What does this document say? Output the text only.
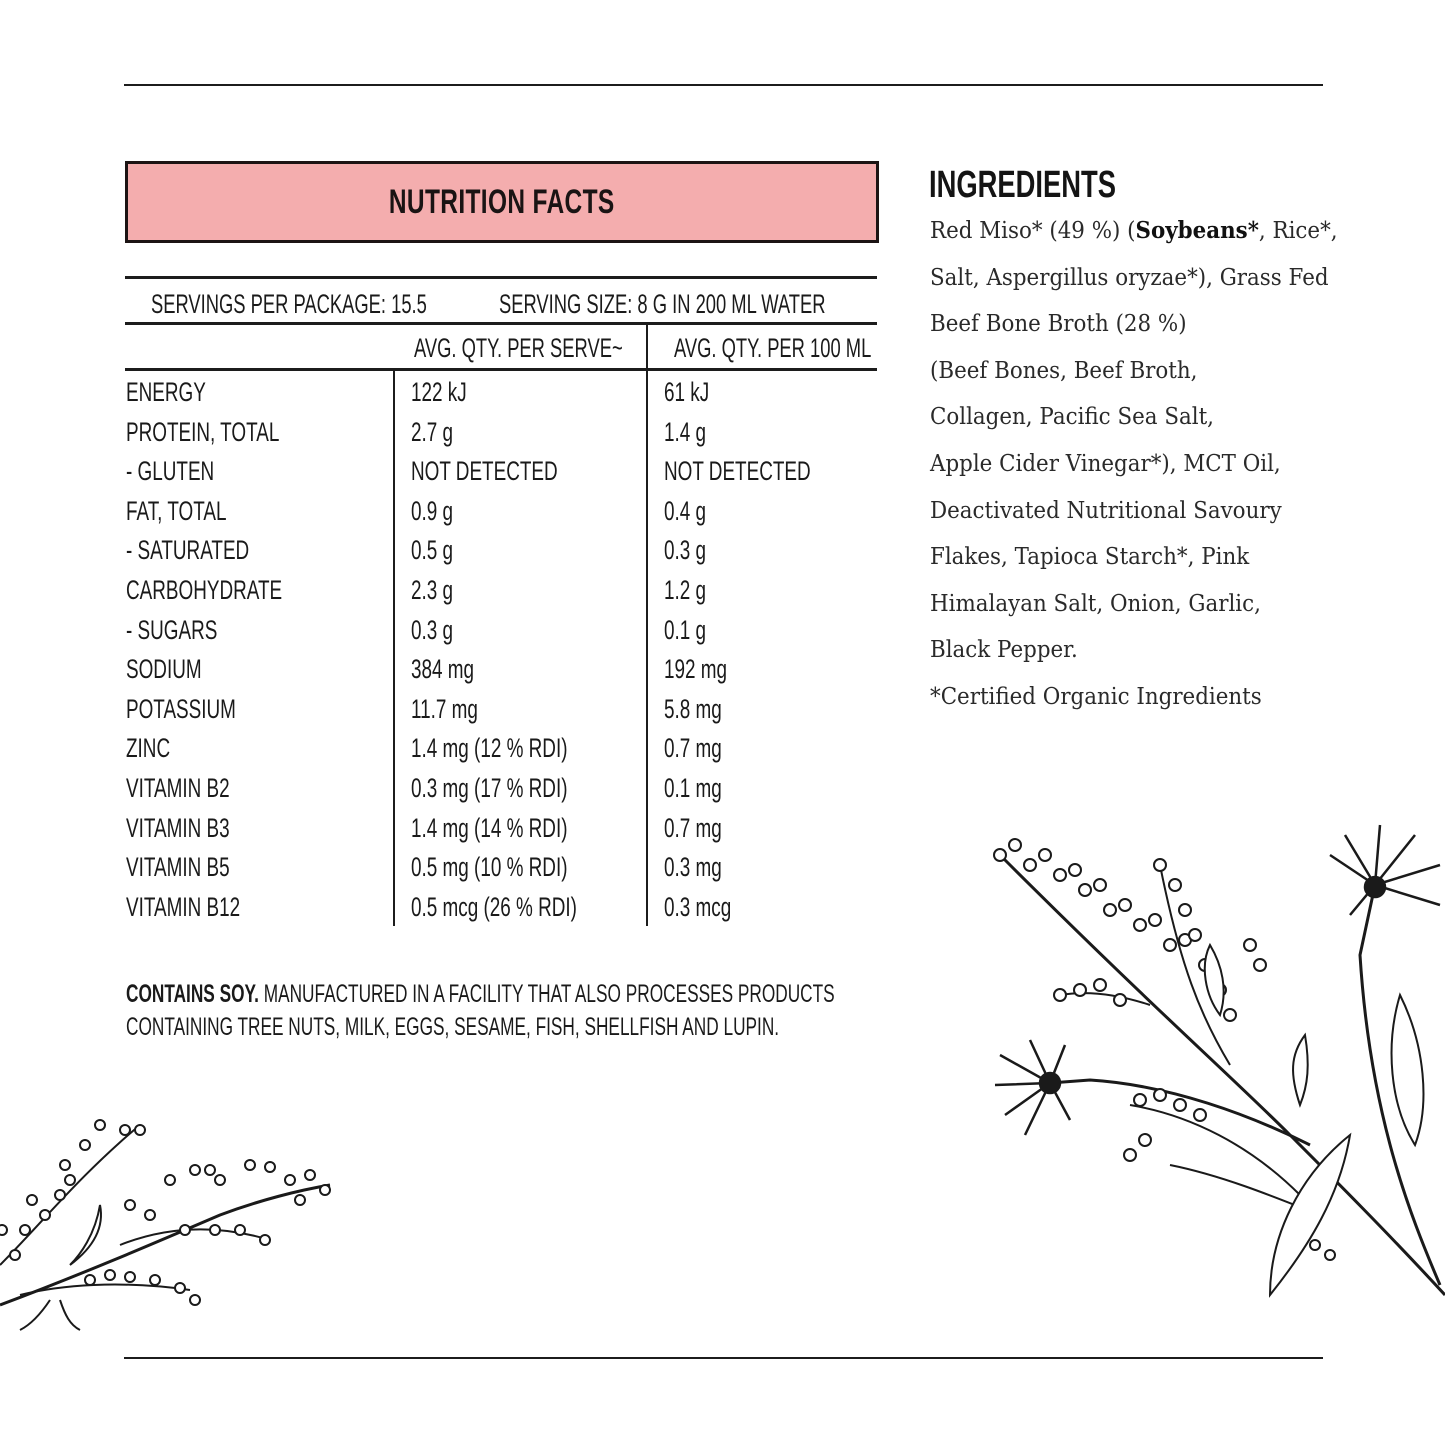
NUTRITION FACTS
SERVINGS PER PACKAGE: 15.5	SERVING SIZE: 8 G IN 200 ML WATER
AVG. QTY. PER SERVE~	AVG. QTY. PER 100 ML
ENERGY	122 kJ	61 kJ
PROTEIN, TOTAL	2.7 g	1.4 g
- GLUTEN	NOT DETECTED	NOT DETECTED
FAT, TOTAL	0.9 g	0.4 g
- SATURATED	0.5 g	0.3 g
CARBOHYDRATE	2.3 g	1.2 g
- SUGARS	0.3 g	0.1 g
SODIUM	384 mg	192 mg
POTASSIUM	11.7 mg	5.8 mg
ZINC	1.4 mg (12 % RDI)	0.7 mg
VITAMIN B2	0.3 mg (17 % RDI)	0.1 mg
VITAMIN B3	1.4 mg (14 % RDI)	0.7 mg
VITAMIN B5	0.5 mg (10 % RDI)	0.3 mg
VITAMIN B12	0.5 mcg (26 % RDI)	0.3 mcg
CONTAINS SOY. MANUFACTURED IN A FACILITY THAT ALSO PROCESSES PRODUCTS
CONTAINING TREE NUTS, MILK, EGGS, SESAME, FISH, SHELLFISH AND LUPIN.
INGREDIENTS
Red Miso* (49 %) (Soybeans*, Rice*,
Salt, Aspergillus oryzae*), Grass Fed
Beef Bone Broth (28 %)
(Beef Bones, Beef Broth,
Collagen, Pacific Sea Salt,
Apple Cider Vinegar*), MCT Oil,
Deactivated Nutritional Savoury
Flakes, Tapioca Starch*, Pink
Himalayan Salt, Onion, Garlic,
Black Pepper.
*Certified Organic Ingredients
